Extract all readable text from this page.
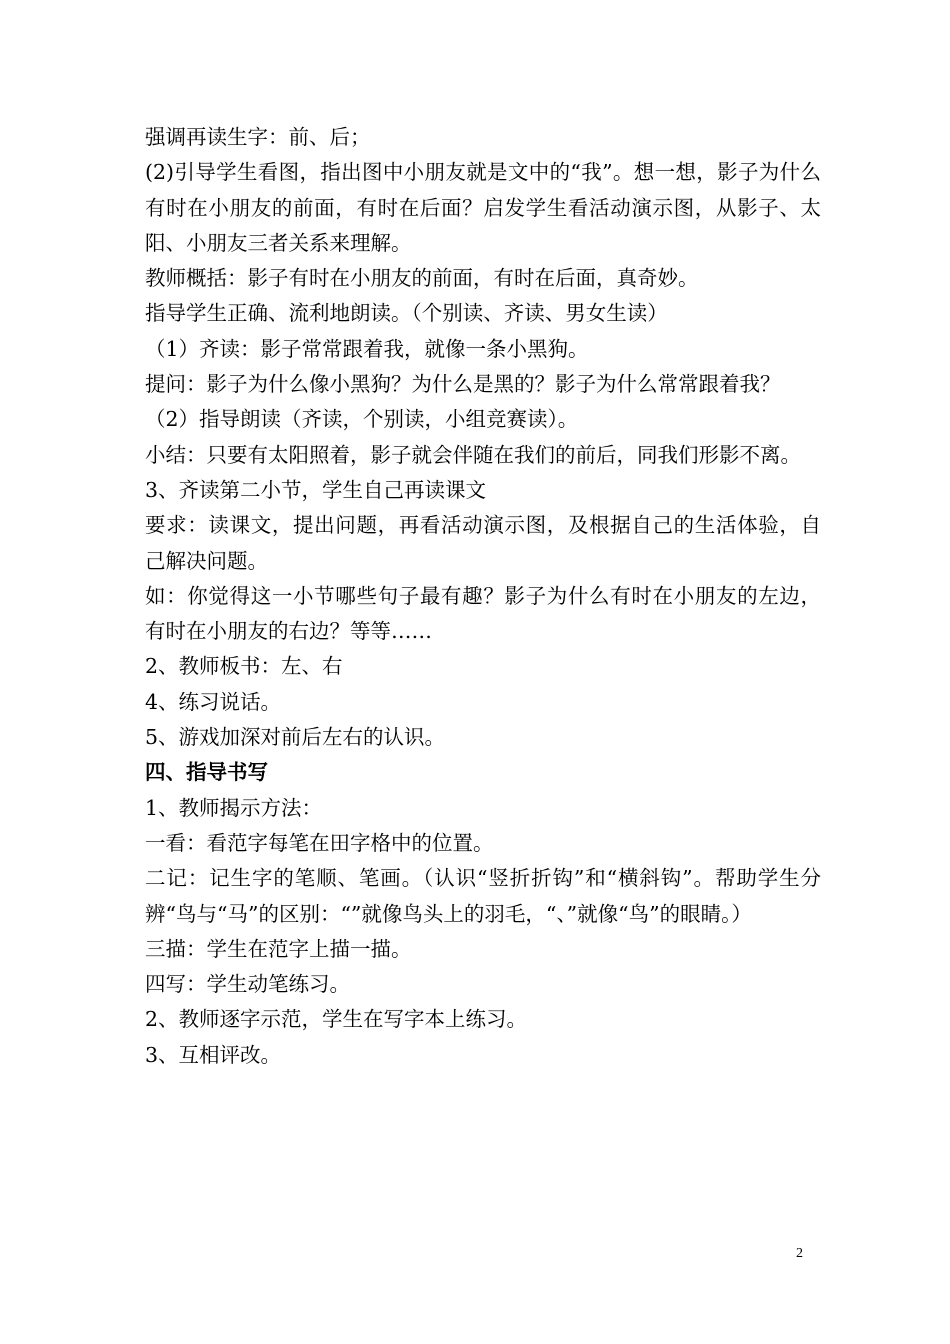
强调再读生字：前、后；

(2)引导学生看图，指出图中小朋友就是文中的“我”。想一想，影子为什么有时在小朋友的前面，有时在后面？启发学生看活动演示图，从影子、太阳、小朋友三者关系来理解。

教师概括：影子有时在小朋友的前面，有时在后面，真奇妙。

指导学生正确、流利地朗读。（个别读、齐读、男女生读）

（1）齐读：影子常常跟着我，就像一条小黑狗。

提问：影子为什么像小黑狗？为什么是黑的？影子为什么常常跟着我？

（2）指导朗读（齐读，个别读，小组竞赛读）。

小结：只要有太阳照着，影子就会伴随在我们的前后，同我们形影不离。

3、齐读第二小节，学生自己再读课文

要求：读课文，提出问题，再看活动演示图，及根据自己的生活体验，自己解决问题。

如：你觉得这一小节哪些句子最有趣？影子为什么有时在小朋友的左边，有时在小朋友的右边？等等……

2、教师板书：左、右

4、练习说话。

5、游戏加深对前后左右的认识。

四、指导书写

1、教师揭示方法：

一看：看范字每笔在田字格中的位置。

二记：记生字的笔顺、笔画。（认识“竖折折钩”和“横斜钩”。帮助学生分辨“鸟与“马”的区别：“”就像鸟头上的羽毛，“、”就像“鸟”的眼睛。）

三描：学生在范字上描一描。

四写：学生动笔练习。

2、教师逐字示范，学生在写字本上练习。

3、互相评改。

2
